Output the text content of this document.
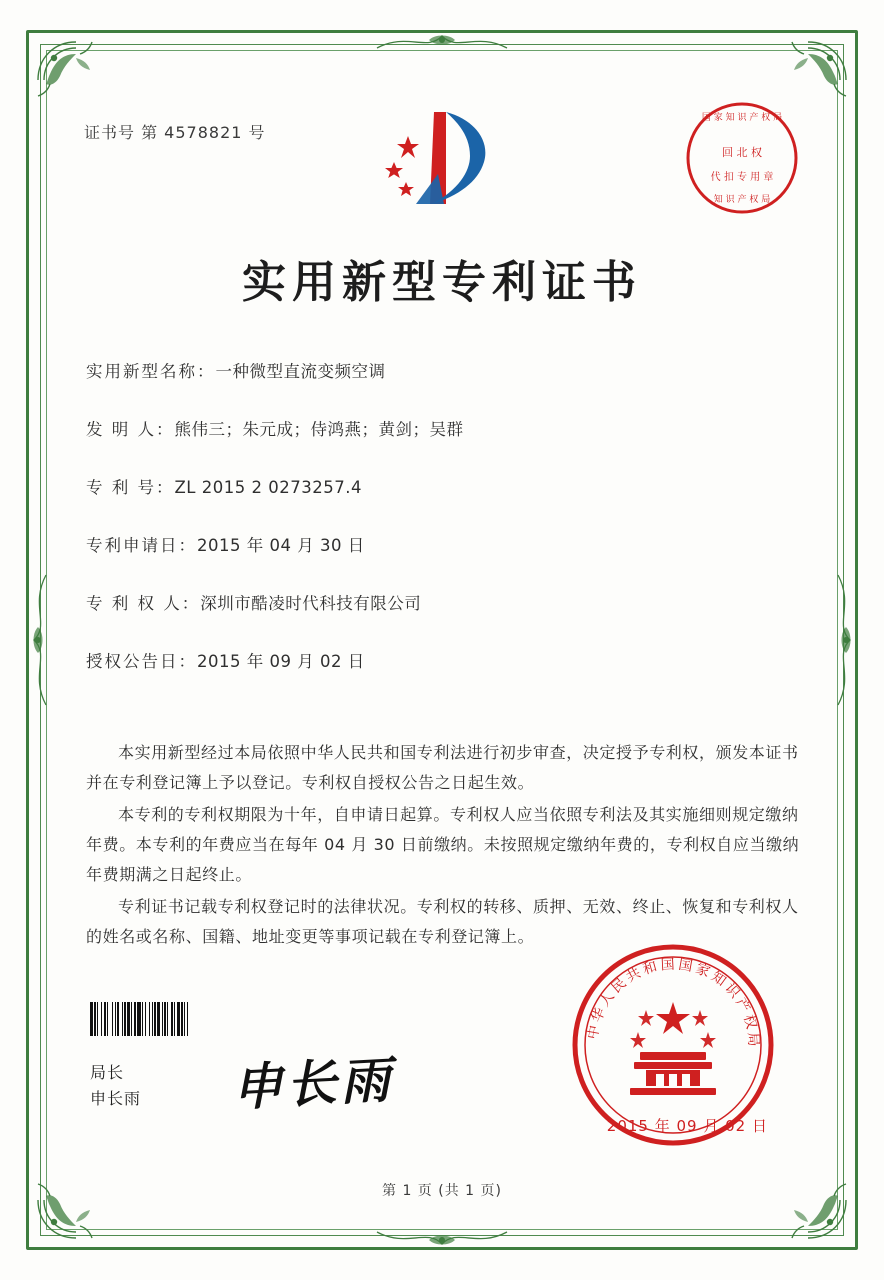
证书号 第 4578821 号
国 家 知 识 产 权 局
回 北 权
代 扣 专 用 章
知 识 产 权 局
实用新型专利证书
实用新型名称：一种微型直流变频空调
发 明 人：熊伟三；朱元成；侍鸿燕；黄剑；吴群
专 利 号：ZL 2015 2 0273257.4
专利申请日：2015 年 04 月 30 日
专 利 权 人：深圳市酷凌时代科技有限公司
授权公告日：2015 年 09 月 02 日
本实用新型经过本局依照中华人民共和国专利法进行初步审查，决定授予专利权，颁发本证书并在专利登记簿上予以登记。专利权自授权公告之日起生效。
本专利的专利权期限为十年，自申请日起算。专利权人应当依照专利法及其实施细则规定缴纳年费。本专利的年费应当在每年 04 月 30 日前缴纳。未按照规定缴纳年费的，专利权自应当缴纳年费期满之日起终止。
专利证书记载专利权登记时的法律状况。专利权的转移、质押、无效、终止、恢复和专利权人的姓名或名称、国籍、地址变更等事项记载在专利登记簿上。
局长
申长雨 申长雨
中华人民共和国国家知识产权局
2015 年 09 月 02 日
第 1 页 (共 1 页)
